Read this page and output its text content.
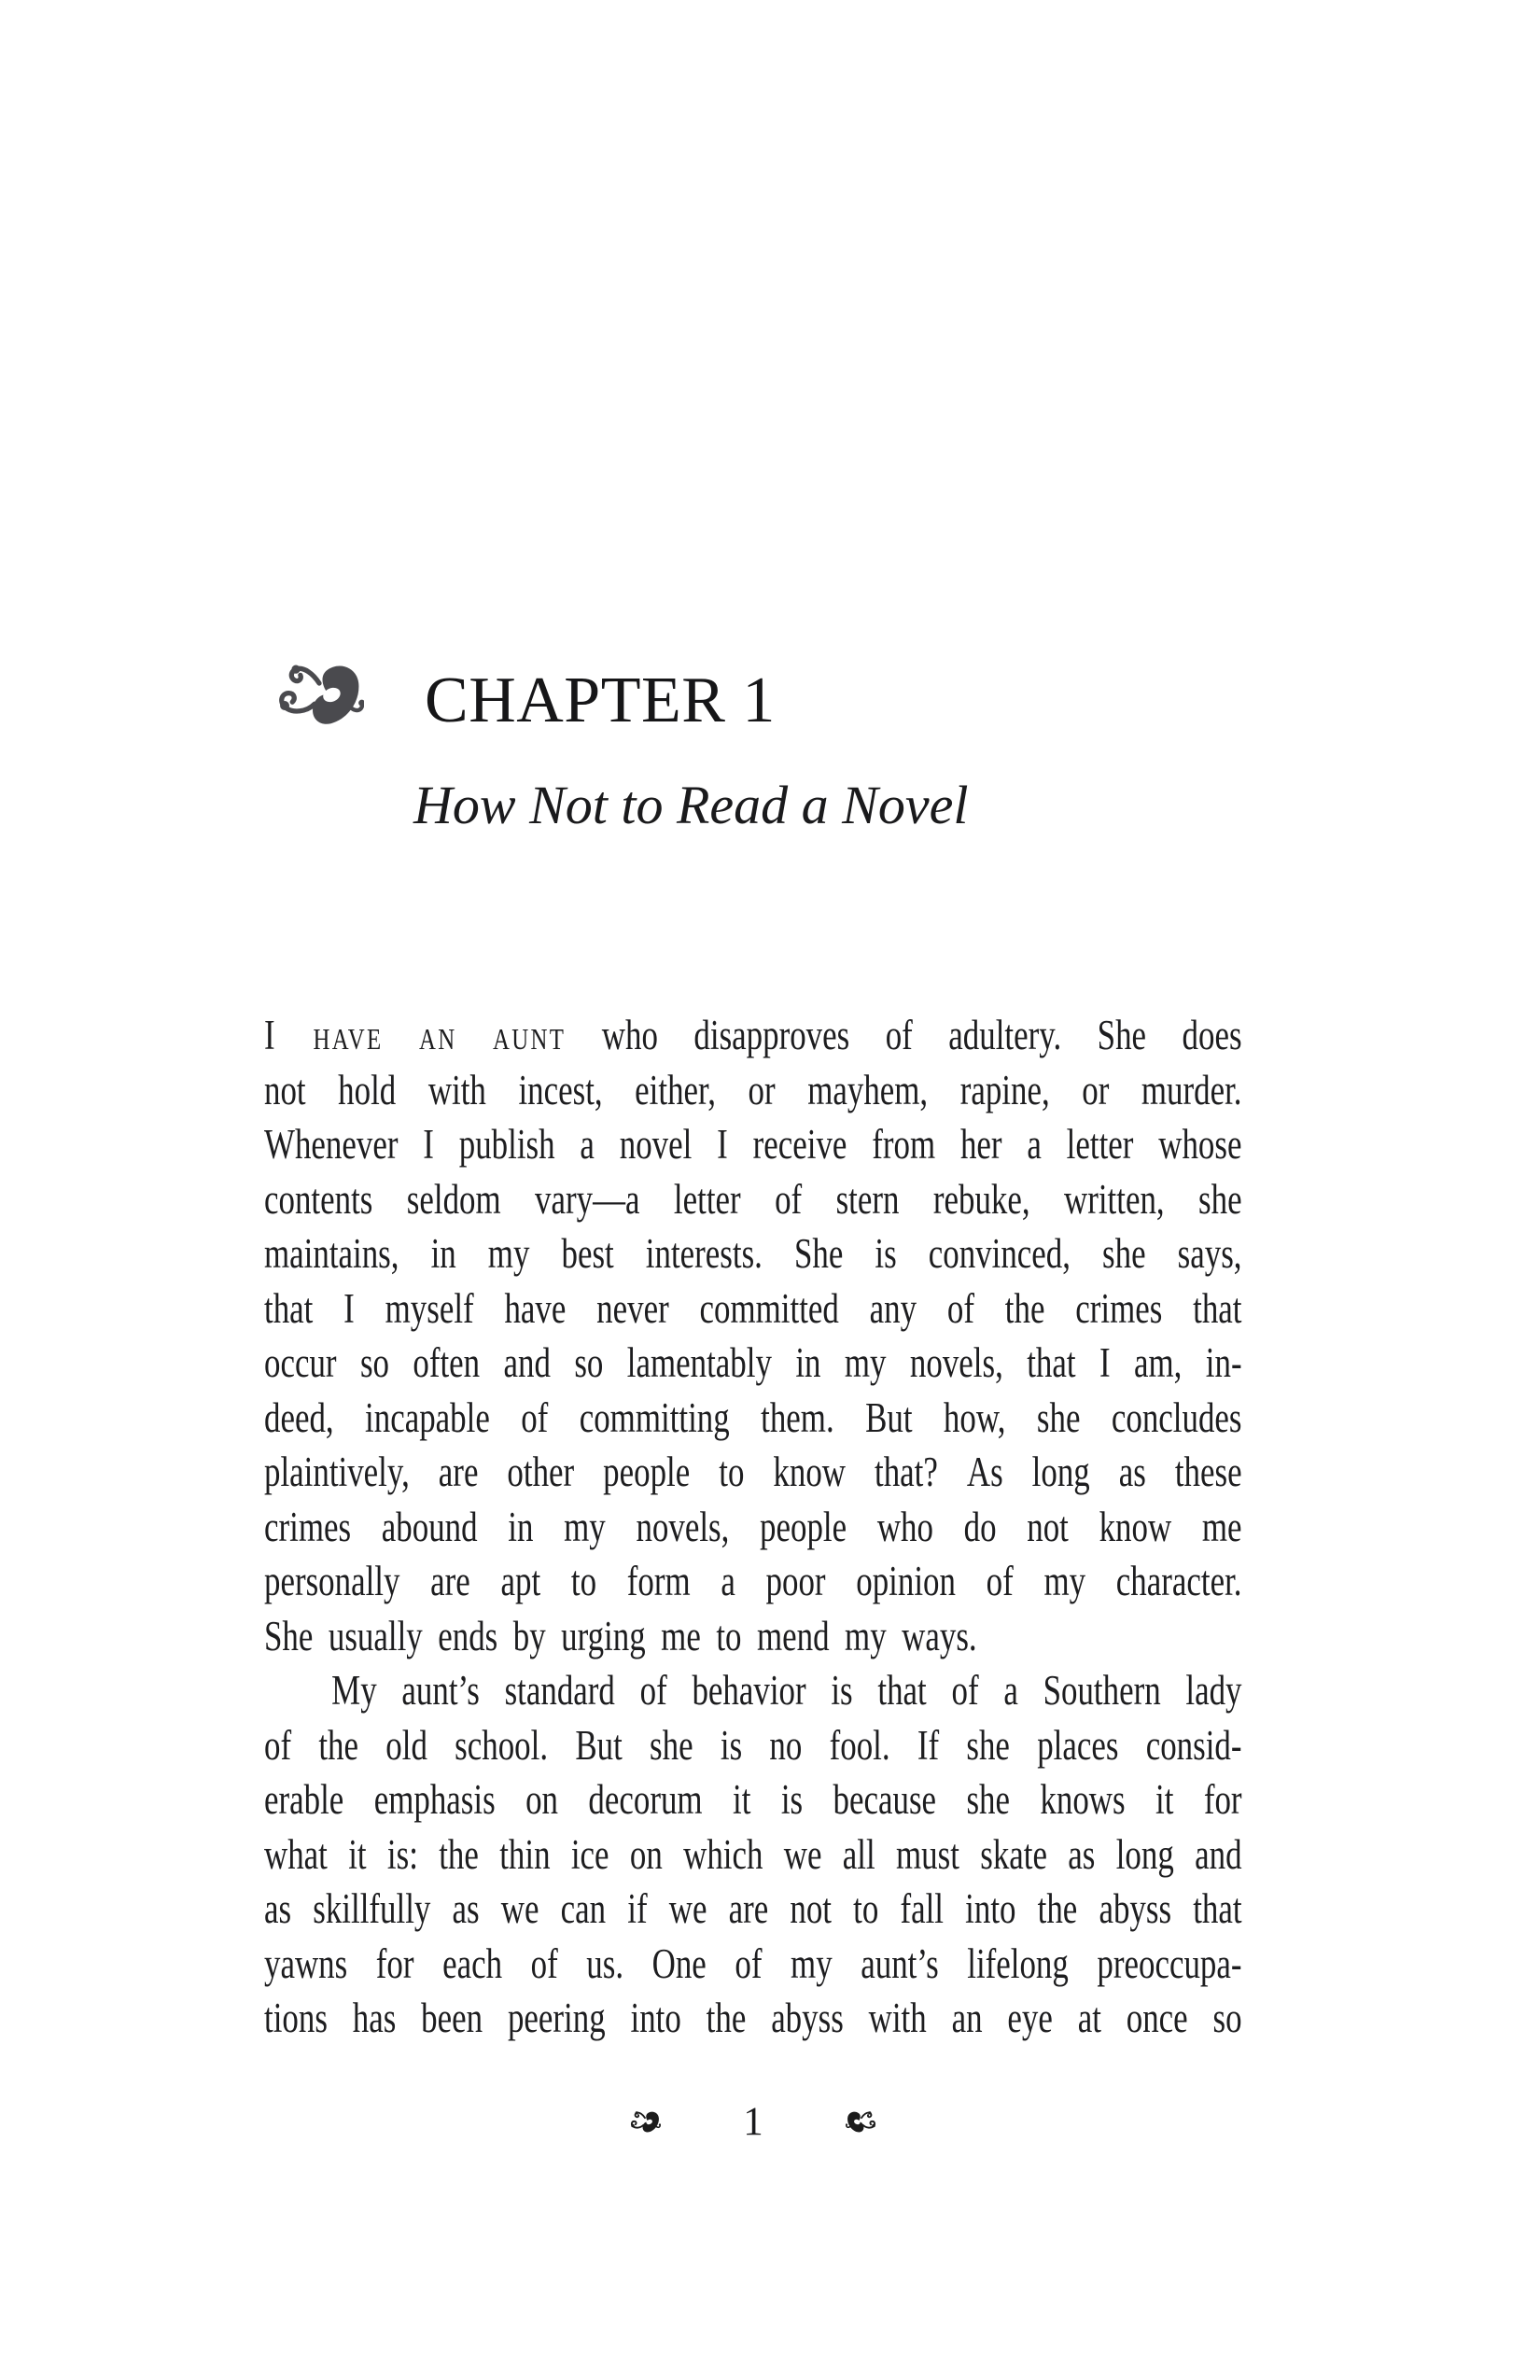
CHAPTER 1
How Not to Read a Novel
I have an aunt who disapproves of adultery. She does
not hold with incest, either, or mayhem, rapine, or murder.
Whenever I publish a novel I receive from her a letter whose
contents seldom vary—a letter of stern rebuke, written, she
maintains, in my best interests. She is convinced, she says,
that I myself have never committed any of the crimes that
occur so often and so lamentably in my novels, that I am, in-
deed, incapable of committing them. But how, she concludes
plaintively, are other people to know that? As long as these
crimes abound in my novels, people who do not know me
personally are apt to form a poor opinion of my character.
She usually ends by urging me to mend my ways.
My aunt’s standard of behavior is that of a Southern lady
of the old school. But she is no fool. If she places consid-
erable emphasis on decorum it is because she knows it for
what it is: the thin ice on which we all must skate as long and
as skillfully as we can if we are not to fall into the abyss that
yawns for each of us. One of my aunt’s lifelong preoccupa-
tions has been peering into the abyss with an eye at once so
1
